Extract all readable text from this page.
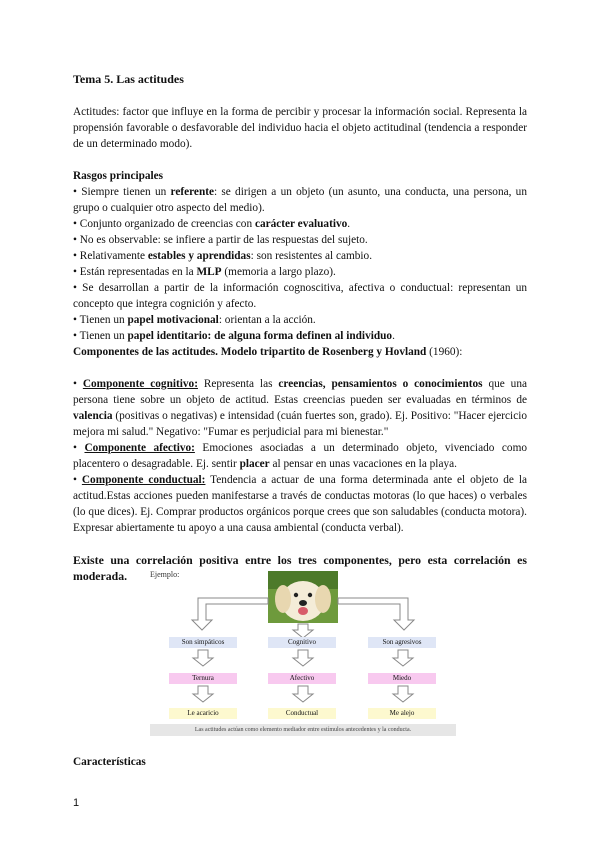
Tema 5. Las actitudes
Actitudes: factor que influye en la forma de percibir y procesar la información social. Representa la propensión favorable o desfavorable del individuo hacia el objeto actitudinal (tendencia a responder de un determinado modo).
Rasgos principales
• Siempre tienen un referente: se dirigen a un objeto (un asunto, una conducta, una persona, un grupo o cualquier otro aspecto del medio).
• Conjunto organizado de creencias con carácter evaluativo.
• No es observable: se infiere a partir de las respuestas del sujeto.
• Relativamente estables y aprendidas: son resistentes al cambio.
• Están representadas en la MLP (memoria a largo plazo).
• Se desarrollan a partir de la información cognoscitiva, afectiva o conductual: representan un concepto que integra cognición y afecto.
• Tienen un papel motivacional: orientan a la acción.
• Tienen un papel identitario: de alguna forma definen al individuo.
Componentes de las actitudes. Modelo tripartito de Rosenberg y Hovland (1960):
• Componente cognitivo: Representa las creencias, pensamientos o conocimientos que una persona tiene sobre un objeto de actitud. Estas creencias pueden ser evaluadas en términos de valencia (positivas o negativas) e intensidad (cuán fuertes son, grado). Ej. Positivo: "Hacer ejercicio mejora mi salud." Negativo: "Fumar es perjudicial para mi bienestar."
• Componente afectivo: Emociones asociadas a un determinado objeto, vivenciado como placentero o desagradable. Ej. sentir placer al pensar en unas vacaciones en la playa.
• Componente conductual: Tendencia a actuar de una forma determinada ante el objeto de la actitud.Estas acciones pueden manifestarse a través de conductas motoras (lo que haces) o verbales (lo que dices). Ej. Comprar productos orgánicos porque crees que son saludables (conducta motora). Expresar abiertamente tu apoyo a una causa ambiental (conducta verbal).
Existe una correlación positiva entre los tres componentes, pero esta correlación es moderada.	Ejemplo:
Son simpáticos	Cognitivo	Son agresivos
Ternura	Afectivo	Miedo
Le acaricio	Conductual	Me alejo
Las actitudes actúan como elemento mediador entre estímulos antecedentes y la conducta.
Características
1
